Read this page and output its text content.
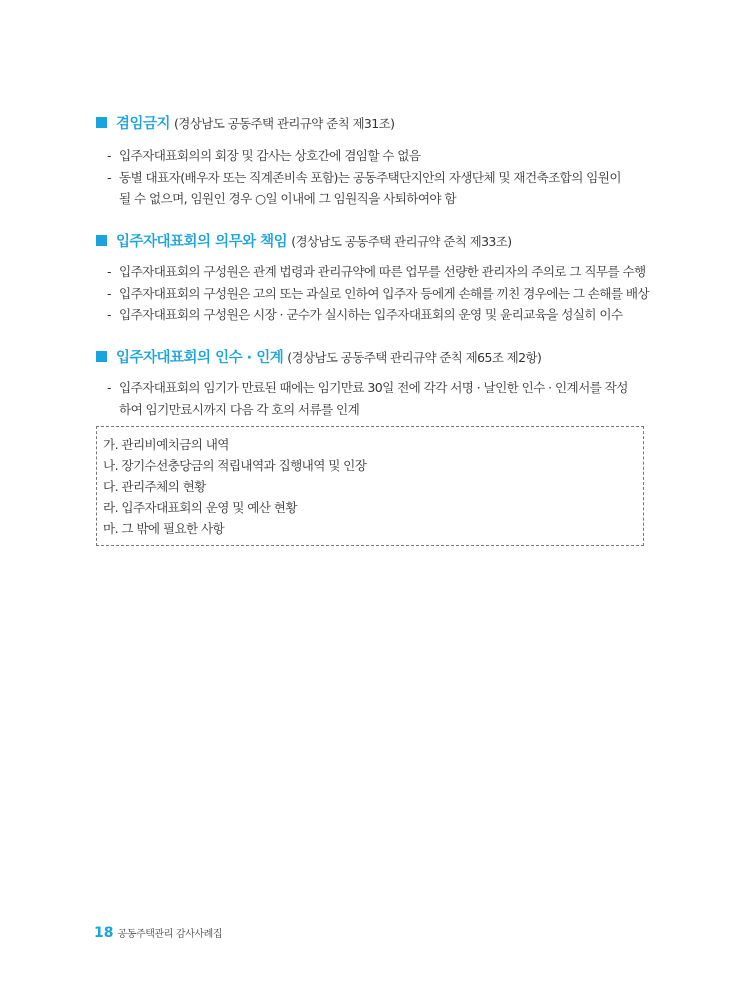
겸임금지 (경상남도 공동주택 관리규약 준칙 제31조)
- 입주자대표회의의 회장 및 감사는 상호간에 겸임할 수 없음
- 동별 대표자(배우자 또는 직계존비속 포함)는 공동주택단지안의 자생단체 및 재건축조합의 임원이
될 수 없으며, 임원인 경우 ○일 이내에 그 임원직을 사퇴하여야 함
입주자대표회의 의무와 책임 (경상남도 공동주택 관리규약 준칙 제33조)
- 입주자대표회의 구성원은 관계 법령과 관리규약에 따른 업무를 선량한 관리자의 주의로 그 직무를 수행
- 입주자대표회의 구성원은 고의 또는 과실로 인하여 입주자 등에게 손해를 끼친 경우에는 그 손해를 배상
- 입주자대표회의 구성원은 시장 · 군수가 실시하는 입주자대표회의 운영 및 윤리교육을 성실히 이수
입주자대표회의 인수 · 인계 (경상남도 공동주택 관리규약 준칙 제65조 제2항)
- 입주자대표회의 임기가 만료된 때에는 임기만료 30일 전에 각각 서명 · 날인한 인수 · 인계서를 작성
하여 임기만료시까지 다음 각 호의 서류를 인계
가. 관리비예치금의 내역
나. 장기수선충당금의 적립내역과 집행내역 및 인장
다. 관리주체의 현황
라. 입주자대표회의 운영 및 예산 현황
마. 그 밖에 필요한 사항
18 공동주택관리 감사사례집
